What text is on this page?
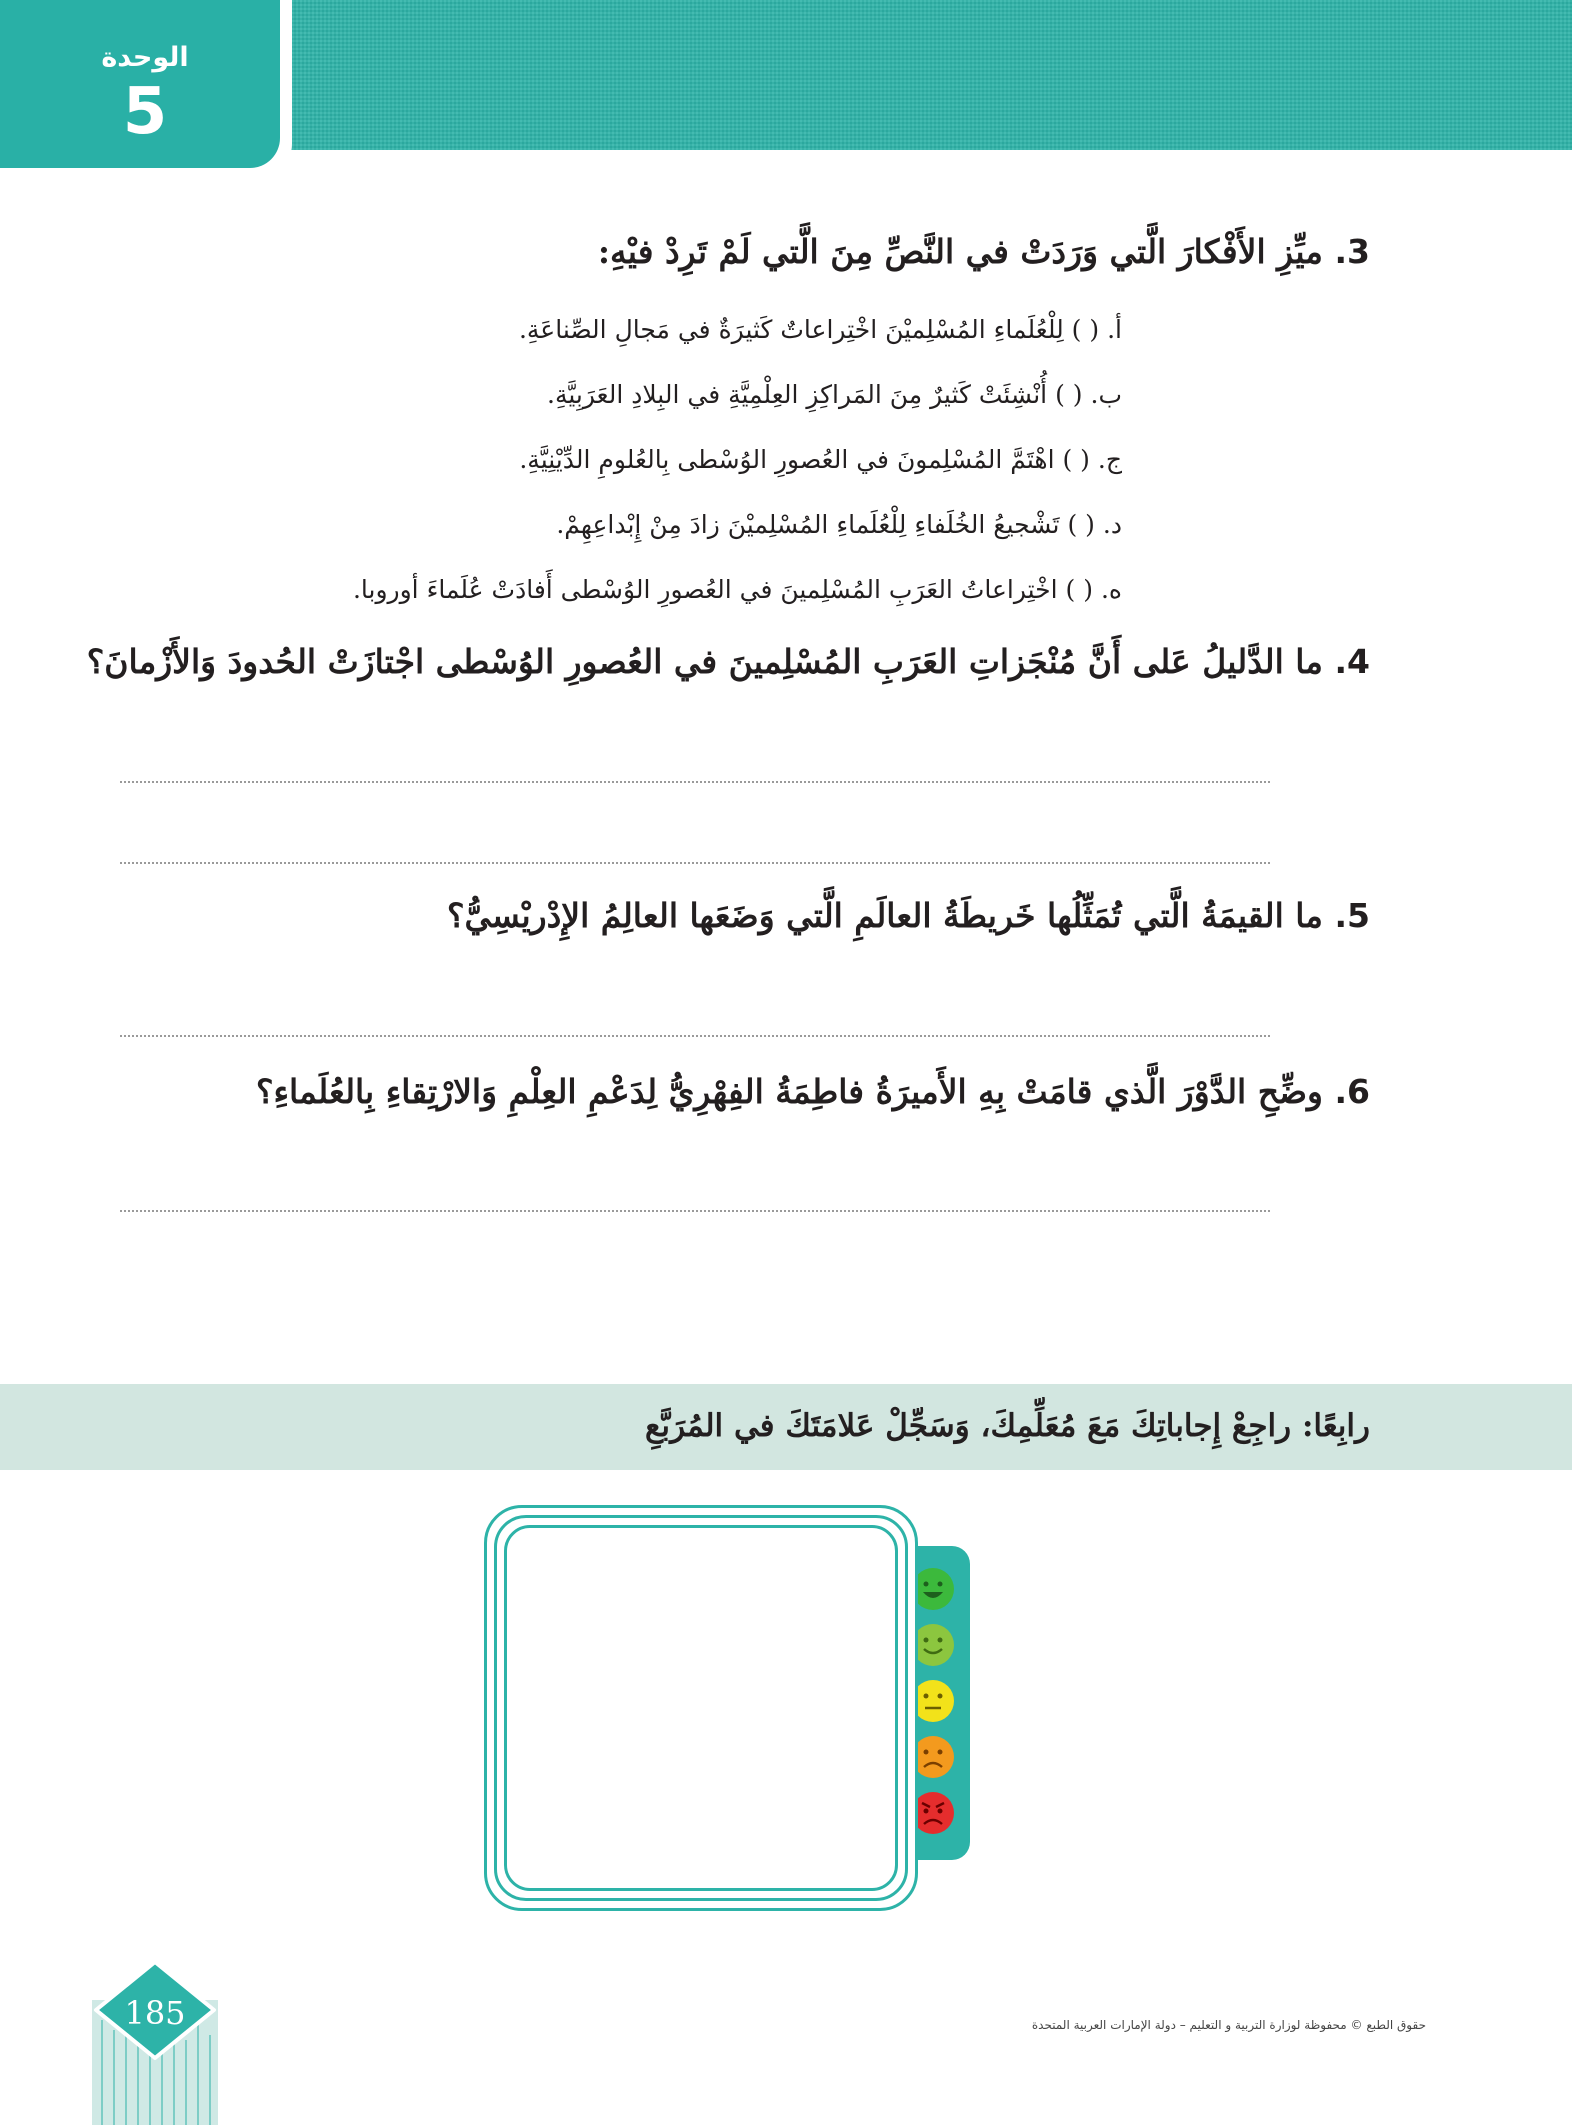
الوحدة
5
3. ميِّزِ الأَفْكارَ الَّتي وَرَدَتْ في النَّصِّ مِنَ الَّتي لَمْ تَرِدْ فيْهِ:
أ. ( ) لِلْعُلَماءِ المُسْلِميْنَ اخْتِراعاتٌ كَثيرَةٌ في مَجالِ الصِّناعَةِ.
ب. ( ) أُنْشِئَتْ كَثيرٌ مِنَ المَراكِزِ العِلْمِيَّةِ في البِلادِ العَرَبِيَّةِ.
ج. ( ) اهْتَمَّ المُسْلِمونَ في العُصورِ الوُسْطى بِالعُلومِ الدِّيْنِيَّةِ.
د. ( ) تَشْجيعُ الخُلَفاءِ لِلْعُلَماءِ المُسْلِميْنَ زادَ مِنْ إِبْداعِهِمْ.
ه. ( ) اخْتِراعاتُ العَرَبِ المُسْلِمينَ في العُصورِ الوُسْطى أَفادَتْ عُلَماءَ أوروبا.
4. ما الدَّليلُ عَلى أَنَّ مُنْجَزاتِ العَرَبِ المُسْلِمينَ في العُصورِ الوُسْطى اجْتازَتْ الحُدودَ وَالأَزْمانَ؟
5. ما القيمَةُ الَّتي تُمَثِّلُها خَريطَةُ العالَمِ الَّتي وَضَعَها العالِمُ الإِدْريْسِيُّ؟
6. وضِّحِ الدَّوْرَ الَّذي قامَتْ بِهِ الأَميرَةُ فاطِمَةُ الفِهْرِيُّ لِدَعْمِ العِلْمِ وَالارْتِقاءِ بِالعُلَماءِ؟
رابِعًا: راجِعْ إِجاباتِكَ مَعَ مُعَلِّمِكَ، وَسَجِّلْ عَلامَتَكَ في المُرَبَّعِ
185	حقوق الطبع © محفوظة لوزارة التربية و التعليم – دولة الإمارات العربية المتحدة
